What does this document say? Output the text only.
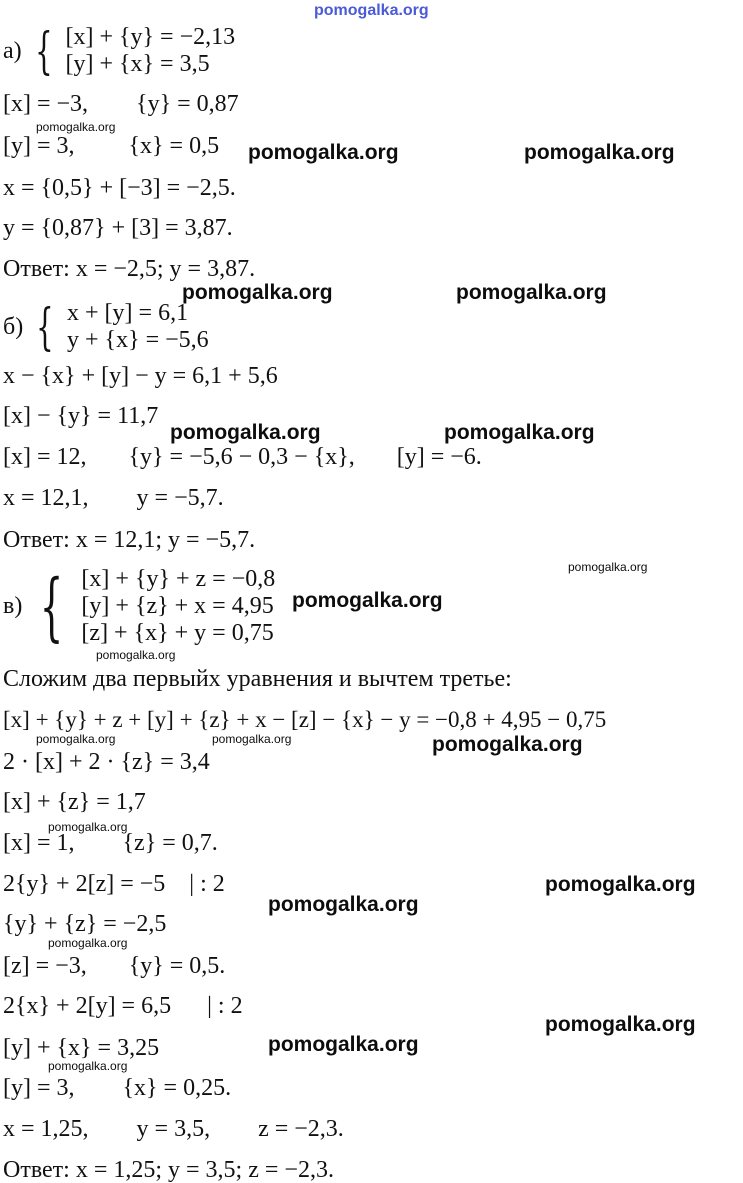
pomogalka.org
а) { [x] + {y} = −2,13
[y] + {x} = 3,5
[x] = −3,        {y} = 0,87
[y] = 3,         {x} = 0,5
x = {0,5} + [−3] = −2,5.
y = {0,87} + [3] = 3,87.
Ответ: x = −2,5; y = 3,87.
б) { x + [y] = 6,1
y + {x} = −5,6
x − {x} + [y] − y = 6,1 + 5,6
[x] − {y} = 11,7
[x] = 12,       {y} = −5,6 − 0,3 − {x},       [y] = −6.
x = 12,1,        y = −5,7.
Ответ: x = 12,1; y = −5,7.
в) { [x] + {y} + z = −0,8
[y] + {z} + x = 4,95
[z] + {x} + y = 0,75
Сложим два первыйх уравнения и вычтем третье:
[x] + {y} + z + [y] + {z} + x − [z] − {x} − y = −0,8 + 4,95 − 0,75
2 · [x] + 2 · {z} = 3,4
[x] + {z} = 1,7
[x] = 1,        {z} = 0,7.
2{y} + 2[z] = −5    | : 2
{y} + {z} = −2,5
[z] = −3,       {y} = 0,5.
2{x} + 2[y] = 6,5      | : 2
[y] + {x} = 3,25
[y] = 3,        {x} = 0,25.
x = 1,25,        y = 3,5,        z = −2,3.
Ответ: x = 1,25; y = 3,5; z = −2,3.
pomogalka.org	pomogalka.org
pomogalka.org	pomogalka.org
pomogalka.org	pomogalka.org
pomogalka.org
pomogalka.org
pomogalka.org
pomogalka.org
pomogalka.org
pomogalka.org
pomogalka.org
pomogalka.org
pomogalka.org
pomogalka.org	pomogalka.org
pomogalka.org
pomogalka.org
pomogalka.org
